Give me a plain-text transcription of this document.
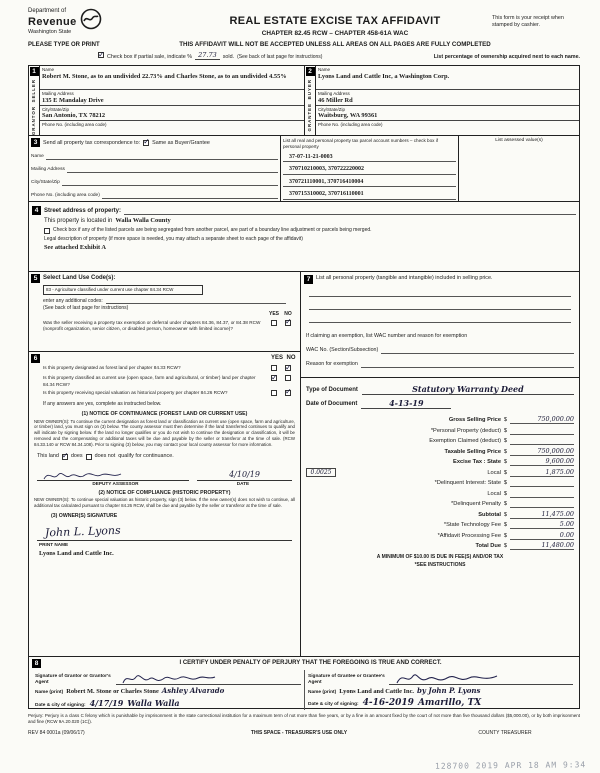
Department of
Revenue
Washington State
REAL ESTATE EXCISE TAX AFFIDAVIT
CHAPTER 82.45 RCW – CHAPTER 458-61A WAC
This form is your receipt when stamped by cashier.
PLEASE TYPE OR PRINT	THIS AFFIDAVIT WILL NOT BE ACCEPTED UNLESS ALL AREAS ON ALL PAGES ARE FULLY COMPLETED
✓
Check box if partial sale, indicate % 27.73	sold. (See back of last page for instructions)	List percentage of ownership acquired next to each name.
1
SELLER
GRANTOR
Name
Robert M. Stone, as to an undivided 22.73% and Charles Stone, as to an undivided 4.55%
Mailing Address
135 E Mandalay Drive
City/State/Zip
San Antonio, TX 78212
Phone No. (including area code)
2
BUYER
GRANTEE
Name
Lyons Land and Cattle Inc, a Washington Corp.
Mailing Address
46 Miller Rd
City/State/Zip
Waitsburg, WA 99361
Phone No. (including area code)
3	Send all property tax correspondence to: ✓ Same as Buyer/Grantee
Name
Mailing Address
City/State/Zip
Phone No. (including area code)
List all real and personal property tax parcel account numbers – check box if personal property
37-07-11-21-0003
370710210003, 370722220002
370721110001, 370716410004
370715310002, 370716110001
List assessed value(s)
4 Street address of property:
This property is located in Walla Walla County
Check box if any of the listed parcels are being segregated from another parcel, are part of a boundary line adjustment or parcels being merged.
Legal description of property (if more space is needed, you may attach a separate sheet to each page of the affidavit)
See attached Exhibit A
5 Select Land Use Code(s):
83 - Agriculture classified under current use chapter 84.34 RCW
enter any additional codes:
(See back of last page for instructions)
YES	NO
Was the seller receiving a property tax exemption or deferral under chapters 84.36, 84.37, or 84.38 RCW (nonprofit organization, senior citizen, or disabled person, homeowner with limited income)?
✓
6	YES NO
Is this property designated as forest land per chapter 84.33 RCW?
✓
Is this property classified as current use (open space, farm and agricultural, or timber) land per chapter 84.34 RCW?
✓
Is this property receiving special valuation as historical property per chapter 84.26 RCW?
✓
If any answers are yes, complete as instructed below.
(1) NOTICE OF CONTINUANCE (FOREST LAND OR CURRENT USE)
NEW OWNER(S): To continue the current designation as forest land or classification as current use (open space, farm and agriculture, or timber) land, you must sign on (3) below. The county assessor must then determine if the land transferred continues to qualify and will indicate by signing below. If the land no longer qualifies or you do not wish to continue the designation or classification, it will be removed and the compensating or additional taxes will be due and payable by the seller or transferor at the time of sale. (RCW 84.33.140 or RCW 84.34.108). Prior to signing (3) below, you may contact your local county assessor for more information.
This land ✓ does does not qualify for continuance.
4/10/19
DEPUTY ASSESSOR	DATE
(2) NOTICE OF COMPLIANCE (HISTORIC PROPERTY)
NEW OWNER(S): To continue special valuation as historic property, sign (3) below. If the new owner(s) does not wish to continue, all additional tax calculated pursuant to chapter 84.26 RCW, shall be due and payable by the seller or transferor at the time of sale.
(3) OWNER(S) SIGNATURE
John L. Lyons
PRINT NAME
Lyons Land and Cattle Inc.
7	List all personal property (tangible and intangible) included in selling price.
If claiming an exemption, list WAC number and reason for exemption
WAC No. (Section/Subsection)
Reason for exemption
Type of Document	Statutory Warranty Deed
Date of Document	4-13-19
Gross Selling Price $	750,000.00
*Personal Property (deduct) $
Exemption Claimed (deduct) $
Taxable Selling Price $	750,000.00
Excise Tax : State $	9,600.00
0.0025	Local $	1,875.00
*Delinquent Interest: State $
Local $
*Delinquent Penalty $
Subtotal $	11,475.00
*State Technology Fee $	5.00
*Affidavit Processing Fee $	0.00
Total Due $	11,480.00
A MINIMUM OF $10.00 IS DUE IN FEE(S) AND/OR TAX
*SEE INSTRUCTIONS
8	I CERTIFY UNDER PENALTY OF PERJURY THAT THE FOREGOING IS TRUE AND CORRECT.
Signature of Grantor or Grantor's Agent
Name (print) Robert M. Stone or Charles Stone Ashley Alvarado
Date & city of signing: 4/17/19 Walla Walla
Signature of Grantee or Grantee's Agent
Name (print) Lyons Land and Cattle Inc. by John P. Lyons
Date & city of signing: 4-16-2019 Amarillo, TX
Perjury: Perjury is a class C felony which is punishable by imprisonment in the state correctional institution for a maximum term of not more than five years, or by a fine in an amount fixed by the court of not more than five thousand dollars ($5,000.00), or by both imprisonment and fine (RCW 9A.20.020 (1C)).
REV 84 0001a (09/06/17)	THIS SPACE - TREASURER'S USE ONLY	COUNTY TREASURER
128700 2019 APR 18 AM 9:34
